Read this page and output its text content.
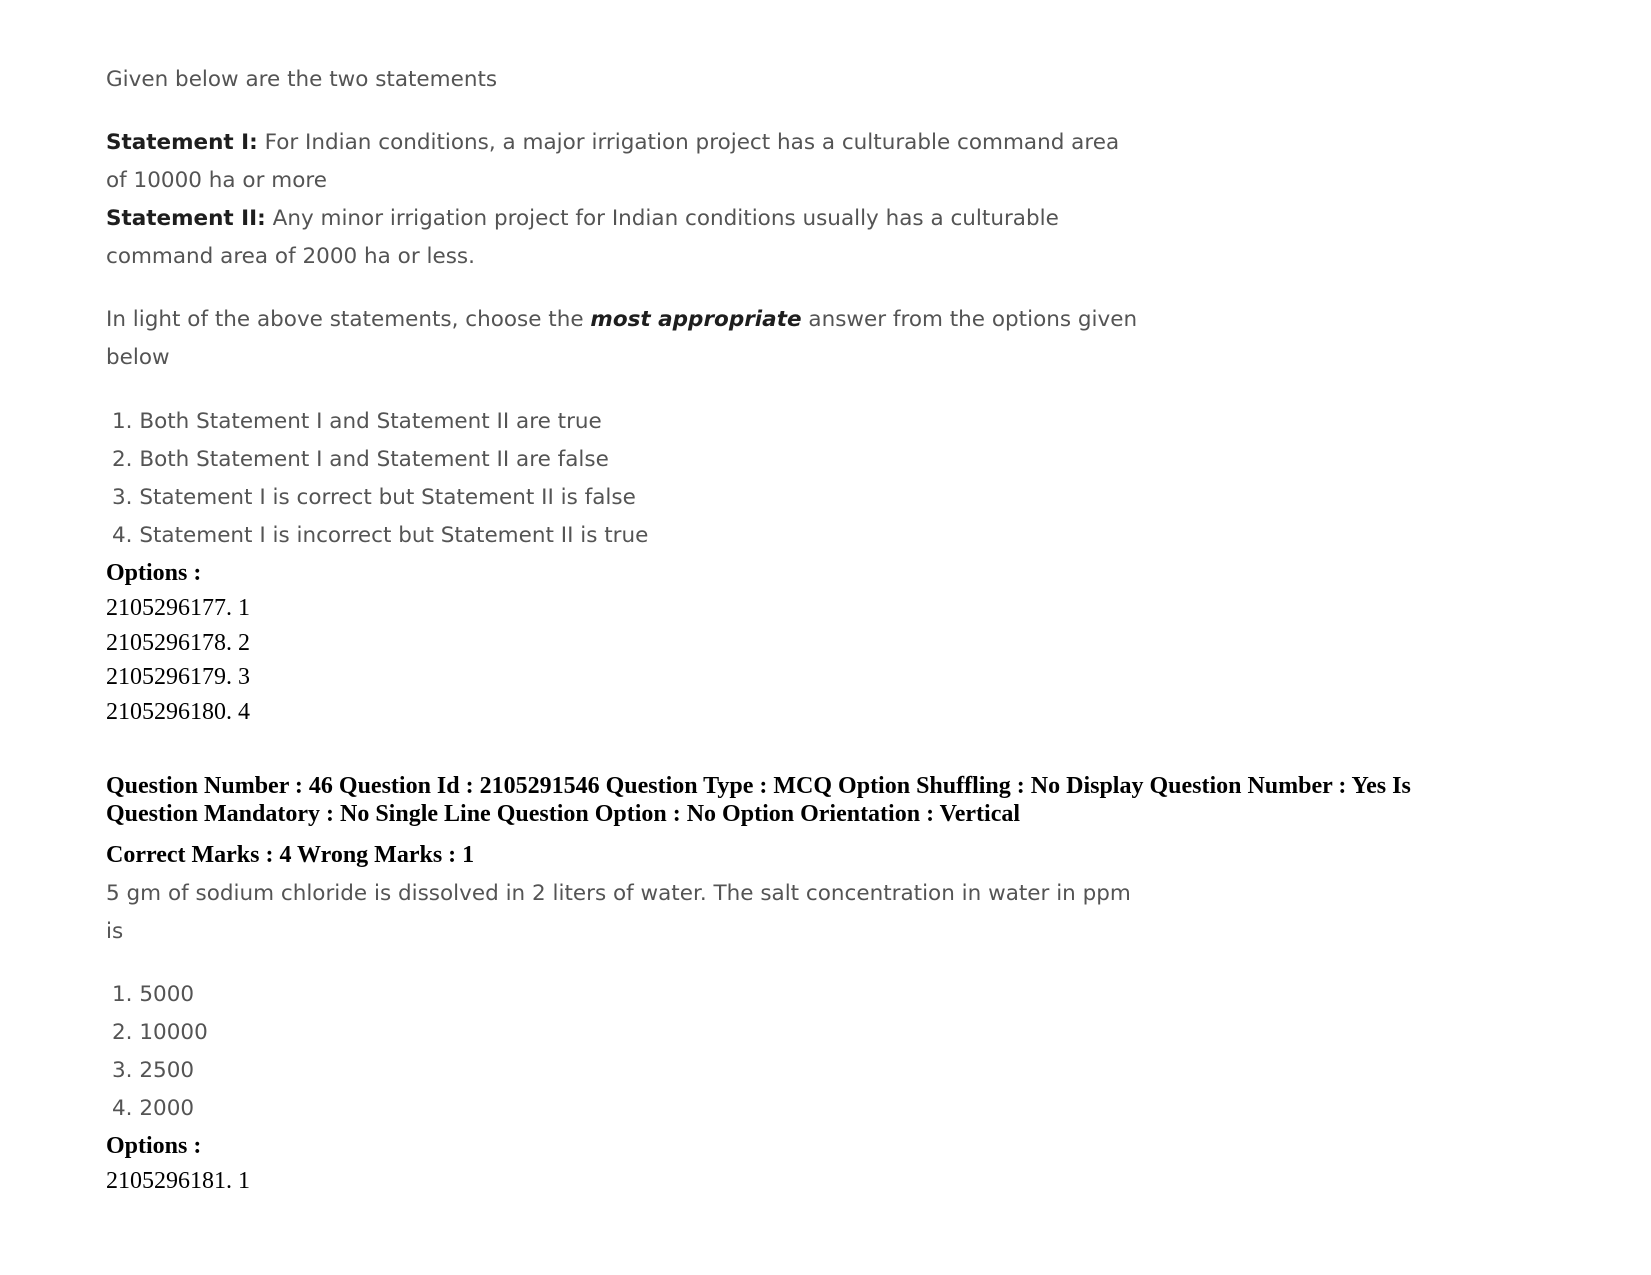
Given below are the two statements
Statement I: For Indian conditions, a major irrigation project has a culturable command area
of 10000 ha or more
Statement II: Any minor irrigation project for Indian conditions usually has a culturable
command area of 2000 ha or less.
In light of the above statements, choose the most appropriate answer from the options given
below
1. Both Statement I and Statement II are true
2. Both Statement I and Statement II are false
3. Statement I is correct but Statement II is false
4. Statement I is incorrect but Statement II is true
Options :
2105296177. 1
2105296178. 2
2105296179. 3
2105296180. 4
Question Number : 46 Question Id : 2105291546 Question Type : MCQ Option Shuffling : No Display Question Number : Yes Is
Question Mandatory : No Single Line Question Option : No Option Orientation : Vertical
Correct Marks : 4 Wrong Marks : 1
5 gm of sodium chloride is dissolved in 2 liters of water. The salt concentration in water in ppm
is
1. 5000
2. 10000
3. 2500
4. 2000
Options :
2105296181. 1
